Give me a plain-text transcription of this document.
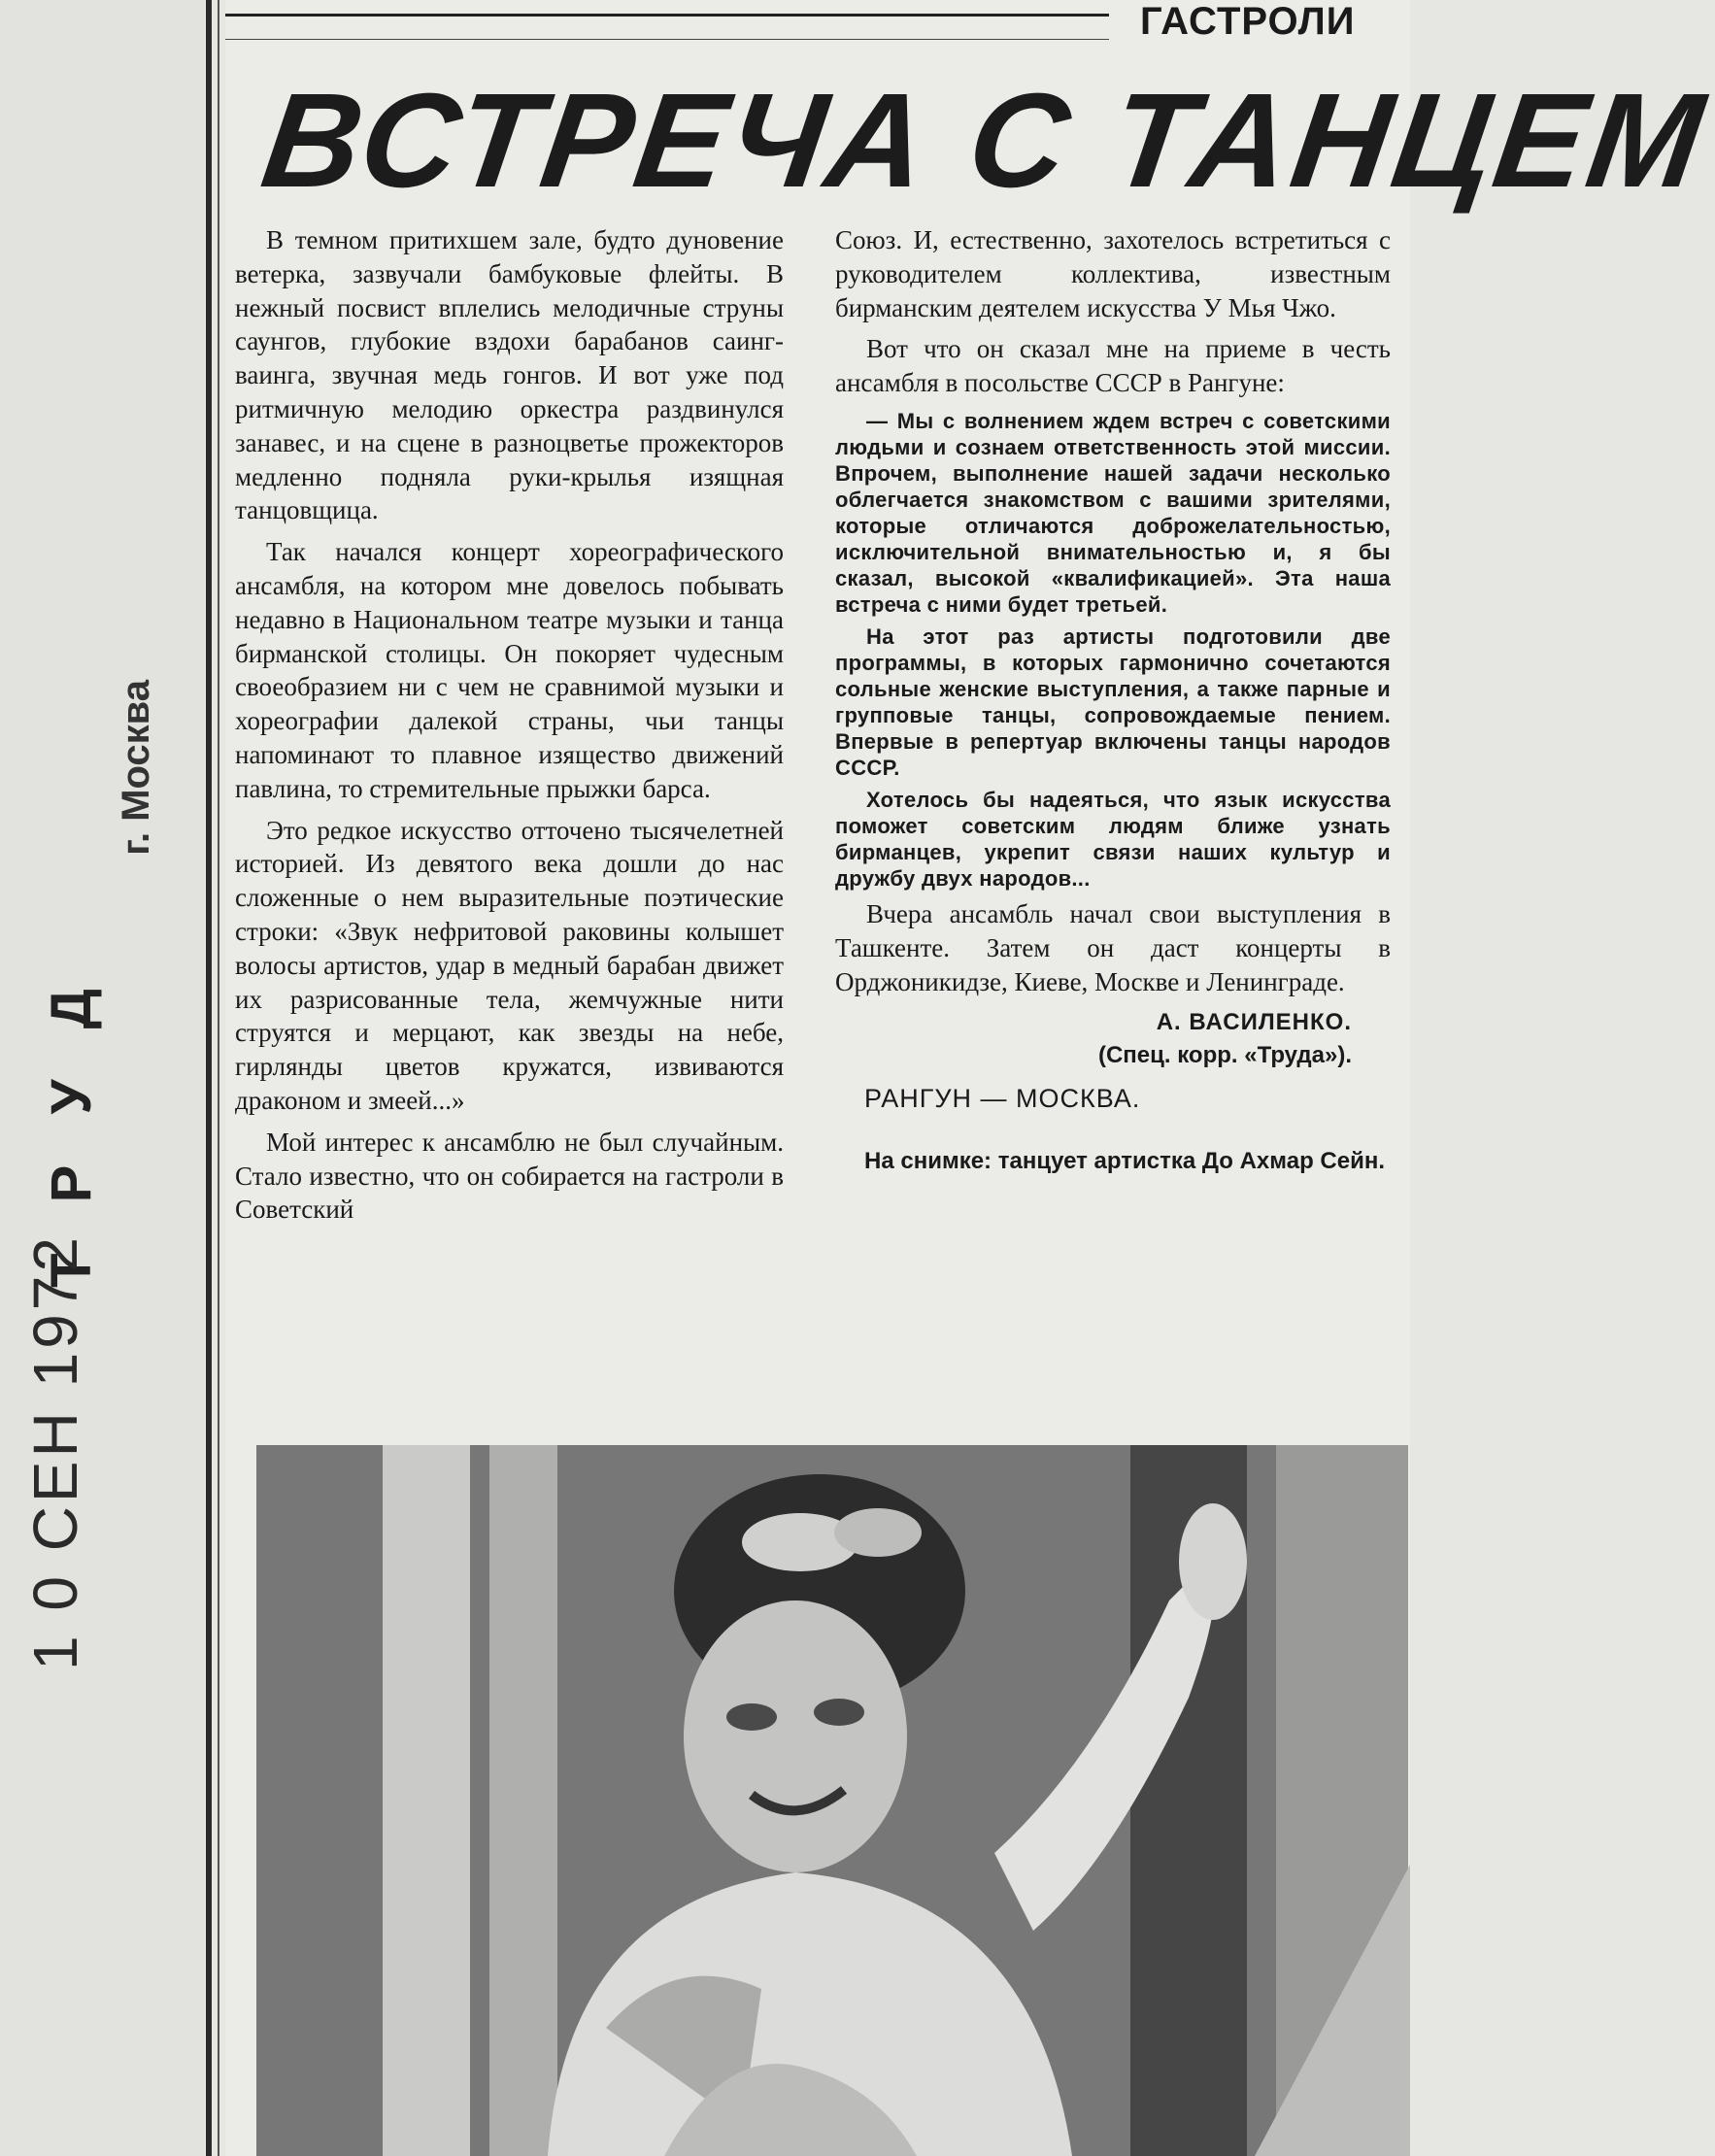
г. Москва
Т Р У Д
1 0 СЕН 1972
ГАСТРОЛИ
ВСТРЕЧА С ТАНЦЕМ

В темном притихшем зале, будто дуновение ветерка, зазвучали бамбуковые флейты. В нежный посвист вплелись мелодичные струны саунгов, глубокие вздохи барабанов саинг-ваинга, звучная медь гонгов. И вот уже под ритмичную мелодию оркестра раздвинулся занавес, и на сцене в разноцветье прожекторов медленно подняла руки-крылья изящная танцовщица.

Так начался концерт хореографического ансамбля, на котором мне довелось побывать недавно в Национальном театре музыки и танца бирманской столицы. Он покоряет чудесным своеобразием ни с чем не сравнимой музыки и хореографии далекой страны, чьи танцы напоминают то плавное изящество движений павлина, то стремительные прыжки барса.

Это редкое искусство отточено тысячелетней историей. Из девятого века дошли до нас сложенные о нем выразительные поэтические строки: «Звук нефритовой раковины колышет волосы артистов, удар в медный барабан движет их разрисованные тела, жемчужные нити струятся и мерцают, как звезды на небе, гирлянды цветов кружатся, извиваются драконом и змеей...»

Мой интерес к ансамблю не был случайным. Стало известно, что он собирается на гастроли в Советский

Союз. И, естественно, захотелось встретиться с руководителем коллектива, известным бирманским деятелем искусства У Мья Чжо.

Вот что он сказал мне на приеме в честь ансамбля в посольстве СССР в Рангуне:

— Мы с волнением ждем встреч с советскими людьми и сознаем ответственность этой миссии. Впрочем, выполнение нашей задачи несколько облегчается знакомством с вашими зрителями, которые отличаются доброжелательностью, исключительной внимательностью и, я бы сказал, высокой «квалификацией». Эта наша встреча с ними будет третьей.

На этот раз артисты подготовили две программы, в которых гармонично сочетаются сольные женские выступления, а также парные и групповые танцы, сопровождаемые пением. Впервые в репертуар включены танцы народов СССР.

Хотелось бы надеяться, что язык искусства поможет советским людям ближе узнать бирманцев, укрепит связи наших культур и дружбу двух народов...

Вчера ансамбль начал свои выступления в Ташкенте. Затем он даст концерты в Орджоникидзе, Киеве, Москве и Ленинграде.

А. ВАСИЛЕНКО.
(Спец. корр. «Труда»).
РАНГУН — МОСКВА.
На снимке: танцует артистка До Ахмар Сейн.
